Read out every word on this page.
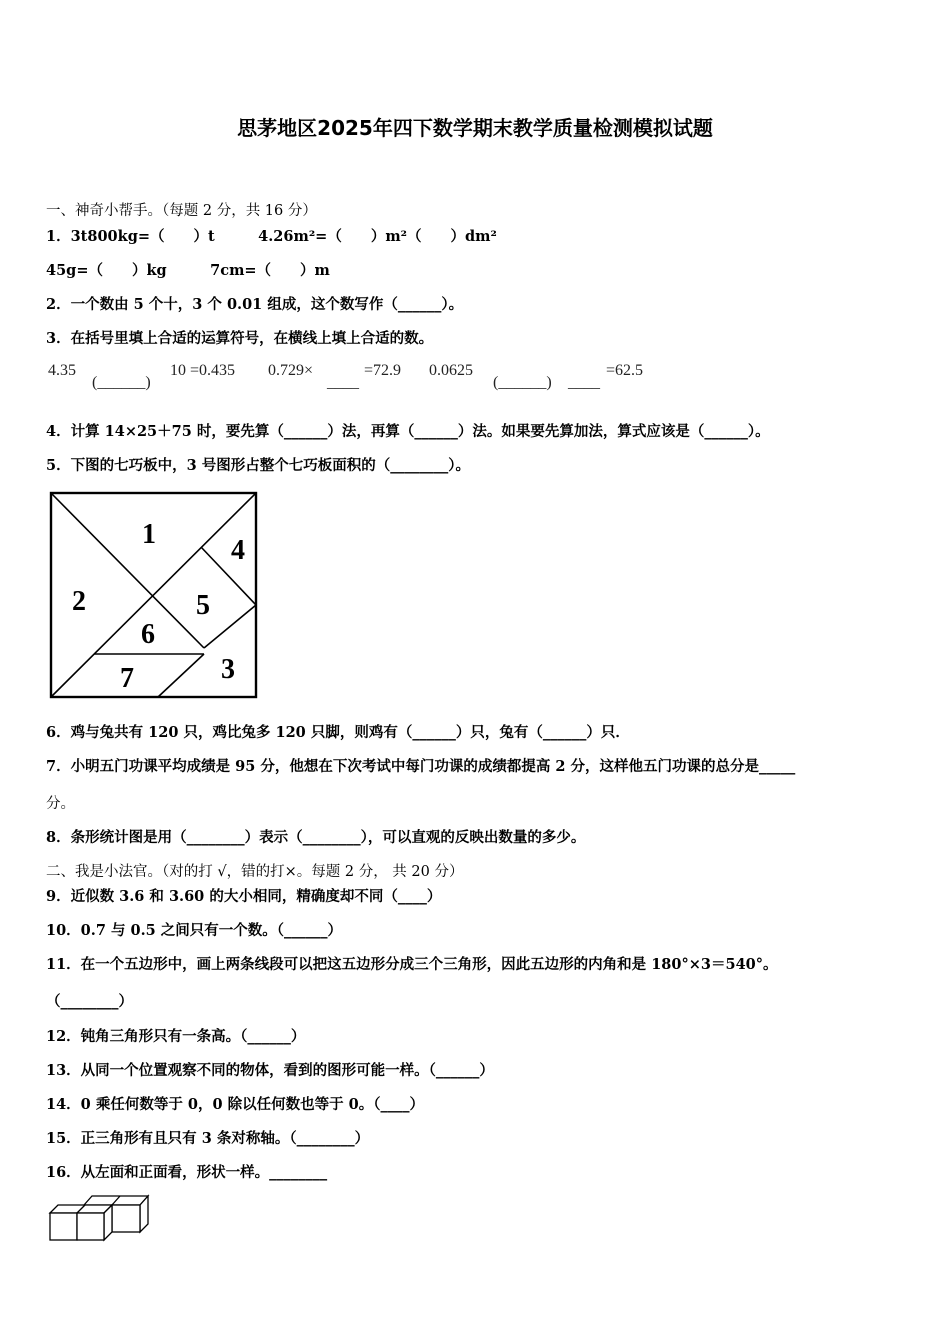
思茅地区2025年四下数学期末教学质量检测模拟试题
一、神奇小帮手。（每题 2 分，共 16 分）
1．3t800kg=（　　）t　　　4.26m²=（　　）m²（　　）dm²
45g=（　　）kg　　　7cm=（　　）m
2．一个数由 5 个十，3 个 0.01 组成，这个数写作（______）。
3．在括号里填上合适的运算符号，在横线上填上合适的数。
4.35
(______)
10 =0.435 0.729×
____
=72.9 0.0625
(______) ____
=62.5
4．计算 14×25＋75 时，要先算（______）法，再算（______）法。如果要先算加法，算式应该是（______）。
5．下图的七巧板中，3 号图形占整个七巧板面积的（________）。
1
2
3
4
5
6
7
6．鸡与兔共有 120 只，鸡比兔多 120 只脚，则鸡有（______）只，兔有（______）只．
7．小明五门功课平均成绩是 95 分，他想在下次考试中每门功课的成绩都提高 2 分，这样他五门功课的总分是_____
分。
8．条形统计图是用（________）表示（________），可以直观的反映出数量的多少。
二、我是小法官。（对的打 √，错的打×。每题 2 分， 共 20 分）
9．近似数 3.6 和 3.60 的大小相同，精确度却不同（____）
10．0.7 与 0.5 之间只有一个数。（______）
11．在一个五边形中，画上两条线段可以把这五边形分成三个三角形，因此五边形的内角和是 180°×3＝540°。
（________）
12．钝角三角形只有一条高。（______）
13．从同一个位置观察不同的物体，看到的图形可能一样。（______）
14．0 乘任何数等于 0，0 除以任何数也等于 0。（____）
15．正三角形有且只有 3 条对称轴。（________）
16．从左面和正面看，形状一样。________
